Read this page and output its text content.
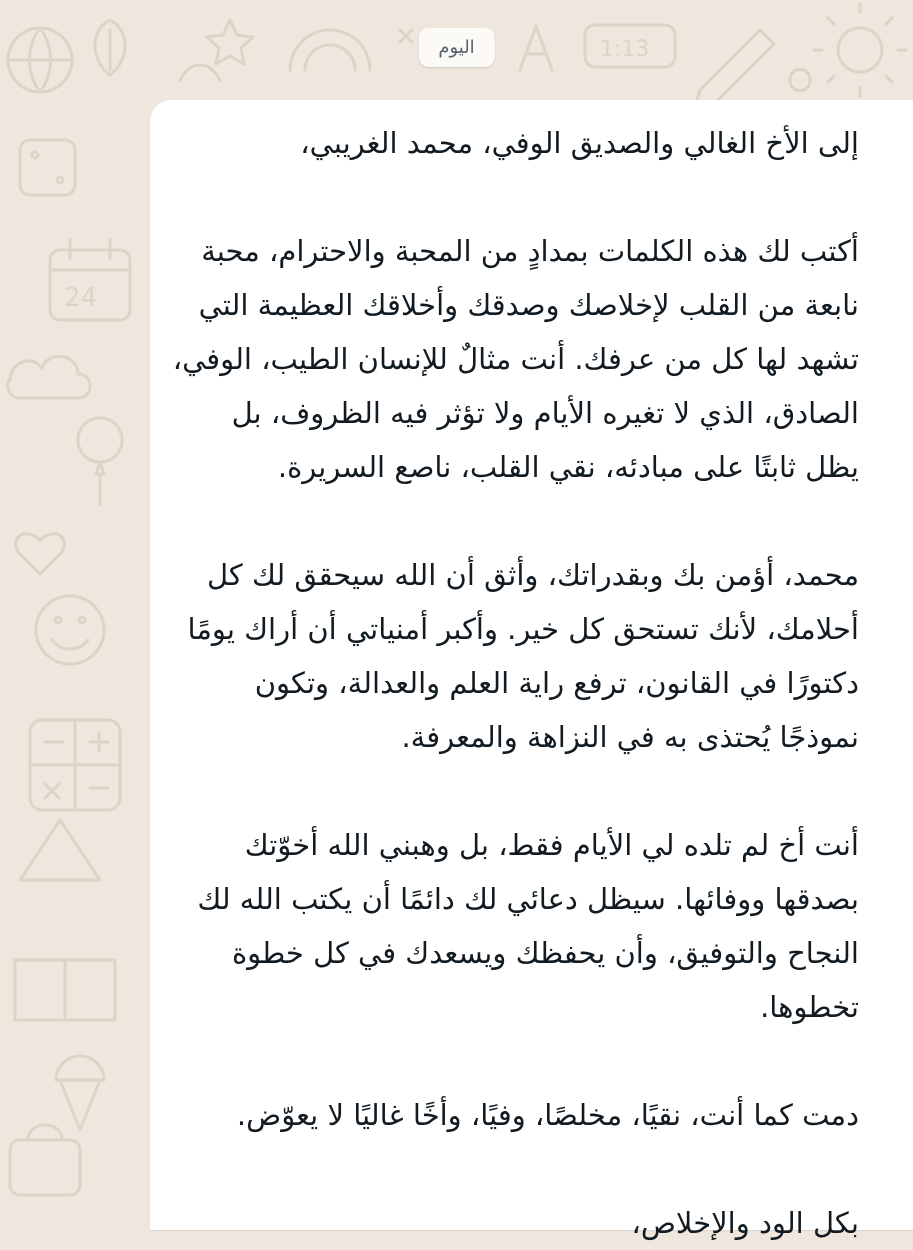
1:13
24
اليوم

إلى الأخ الغالي والصديق الوفي، محمد الغريبي،

أكتب لك هذه الكلمات بمدادٍ من المحبة والاحترام، محبة نابعة من القلب لإخلاصك وصدقك وأخلاقك العظيمة التي تشهد لها كل من عرفك. أنت مثالٌ للإنسان الطيب، الوفي، الصادق، الذي لا تغيره الأيام ولا تؤثر فيه الظروف، بل يظل ثابتًا على مبادئه، نقي القلب، ناصع السريرة.

محمد، أؤمن بك وبقدراتك، وأثق أن الله سيحقق لك كل أحلامك، لأنك تستحق كل خير. وأكبر أمنياتي أن أراك يومًا دكتورًا في القانون، ترفع راية العلم والعدالة، وتكون نموذجًا يُحتذى به في النزاهة والمعرفة.

أنت أخ لم تلده لي الأيام فقط، بل وهبني الله أخوّتك بصدقها ووفائها. سيظل دعائي لك دائمًا أن يكتب الله لك النجاح والتوفيق، وأن يحفظك ويسعدك في كل خطوة تخطوها.

دمت كما أنت، نقيًا، مخلصًا، وفيًا، وأخًا غاليًا لا يعوّض.

بكل الود والإخلاص،
